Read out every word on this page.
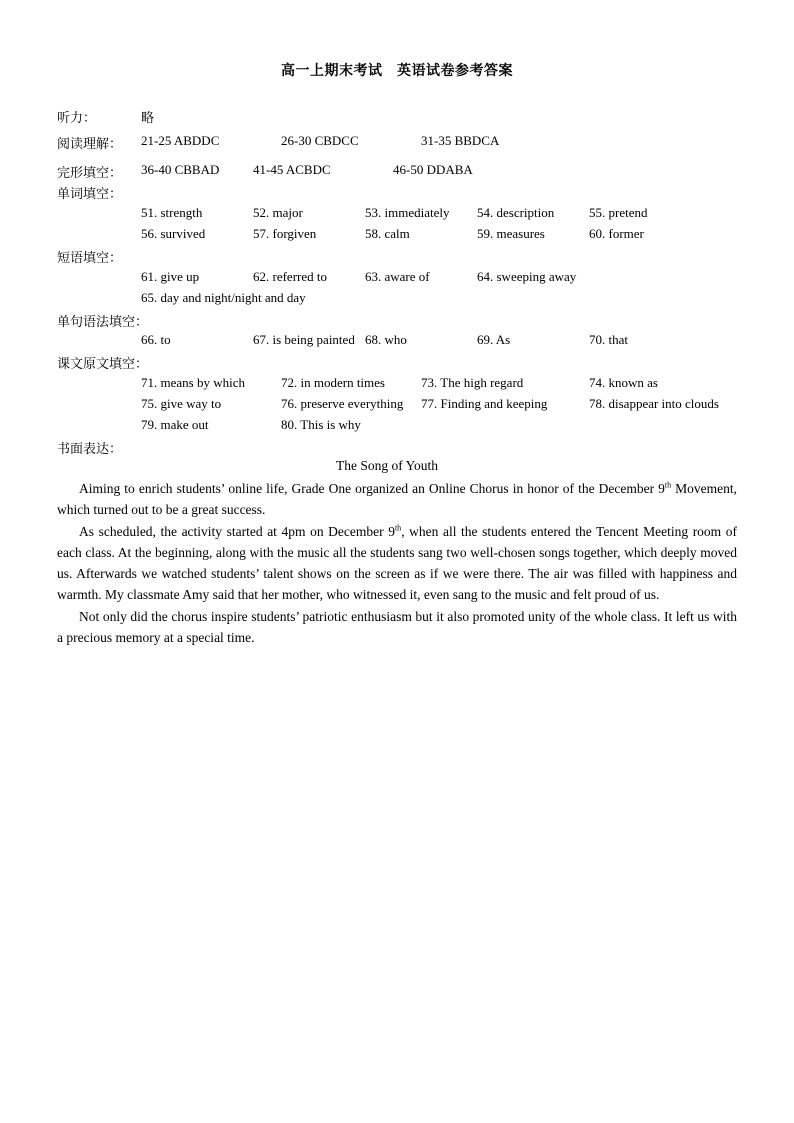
高一上期末考试　英语试卷参考答案
听力：	略
阅读理解： 21-25 ABDDC	26-30 CBDCC	31-35 BBDCA
完形填空： 36-40 CBBAD	41-45 ACBDC	46-50 DDABA
单词填空：
51. strength	52. major	53. immediately 54. description	55. pretend
56. survived	57. forgiven	58. calm	59. measures	60. former
短语填空：
61. give up	62. referred to	63. aware of	64. sweeping away
65. day and night/night and day
单句语法填空：
66. to	67. is being painted 68. who	69. As	70. that
课文原文填空：
71. means by which	72. in modern times	73. The high regard	74. known as
75. give way to	76. preserve everything 77. Finding and keeping	78. disappear into clouds
79. make out	80. This is why
书面表达：
The Song of Youth

Aiming to enrich students’ online life, Grade One organized an Online Chorus in honor of the December 9th Movement, which turned out to be a great success.

As scheduled, the activity started at 4pm on December 9th, when all the students entered the Tencent Meeting room of each class. At the beginning, along with the music all the students sang two well-chosen songs together, which deeply moved us. Afterwards we watched students’ talent shows on the screen as if we were there. The air was filled with happiness and warmth. My classmate Amy said that her mother, who witnessed it, even sang to the music and felt proud of us.

Not only did the chorus inspire students’ patriotic enthusiasm but it also promoted unity of the whole class. It left us with a precious memory at a special time.
